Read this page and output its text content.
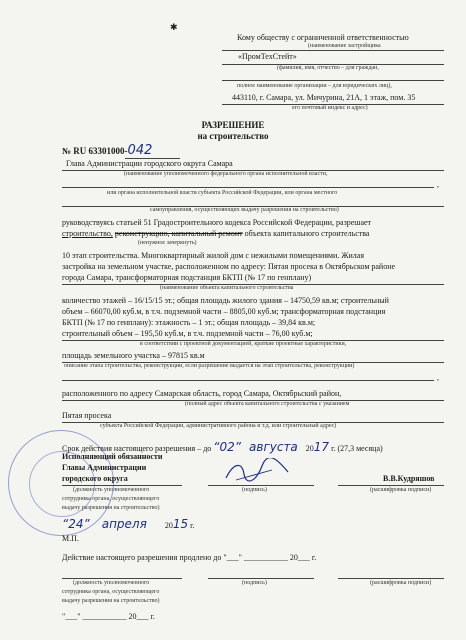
✱
Кому обществу с ограниченной ответственностью
(наименование застройщика
«ПромТехСтейт»
(фамилия, имя, отчество – для граждан,
полное наименование организации – для юридических лиц),
443110, г. Самара, ул. Мичурина, 21А, 1 этаж, пом. 35
его почтовый индекс и адрес)
РАЗРЕШЕНИЕ
на строительство
№ RU 63301000-042
Глава Администрации городского округа Самара
(наименование уполномоченного федерального органа исполнительной власти,
,
или органа исполнительной власти субъекта Российской Федерации, или органа местного
самоуправления, осуществляющих выдачу разрешения на строительство)
руководствуясь статьей 51 Градостроительного кодекса Российской Федерации, разрешает
строительство, реконструкцию, капитальный ремонт объекта капитального строительства
(ненужное зачеркнуть)
10 этап строительства. Многоквартирный жилой дом с нежилыми помещениями. Жилая
застройка на земельном участке, расположенном по адресу: Пятая просека в Октябрьском районе
города Самара, трансформаторная подстанция БКТП (№ 17 по генплану)
(наименование объекта капитального строительства
количество этажей – 16/15/15 эт.; общая площадь жилого здания – 14750,59 кв.м; строительный
объем – 66070,00 куб.м, в т.ч. подземной части – 8805,00 куб.м; трансформаторная подстанция
БКТП (№ 17 по генплану): этажность – 1 эт.; общая площадь – 39,84 кв.м;
строительный объем – 195,50 куб.м, в т.ч. подземной части – 76,00 куб.м;
в соответствии с проектной документацией, краткие проектные характеристики,
площадь земельного участка – 97815 кв.м
описание этапа строительства, реконструкции, если разрешение выдается на этап строительства, реконструкции)
,
расположенного по адресу Самарская область, город Самара, Октябрьский район,
(полный адрес объекта капитального строительства с указанием
Пятая просека
субъекта Российской Федерации, административного района и т.д. или строительный адрес)
Срок действия настоящего разрешения – до “02” августа 2017 г. (27,3 месяца)
Исполняющий обязанности
Главы Администрации
городского округа	В.В.Кудряшов
(должность уполномоченного
сотрудника органа, осуществляющего
выдачу разрешения на строительство)
(подпись)	(расшифровка подписи)
“24” апреля 2015 г.
М.П.
Действие настоящего разрешения продлено до "___" ___________ 20___ г.
(должность уполномоченного
сотрудника органа, осуществляющего
выдачу разрешения на строительство)
(подпись)	(расшифровка подписи)
"___" ___________ 20___ г.
